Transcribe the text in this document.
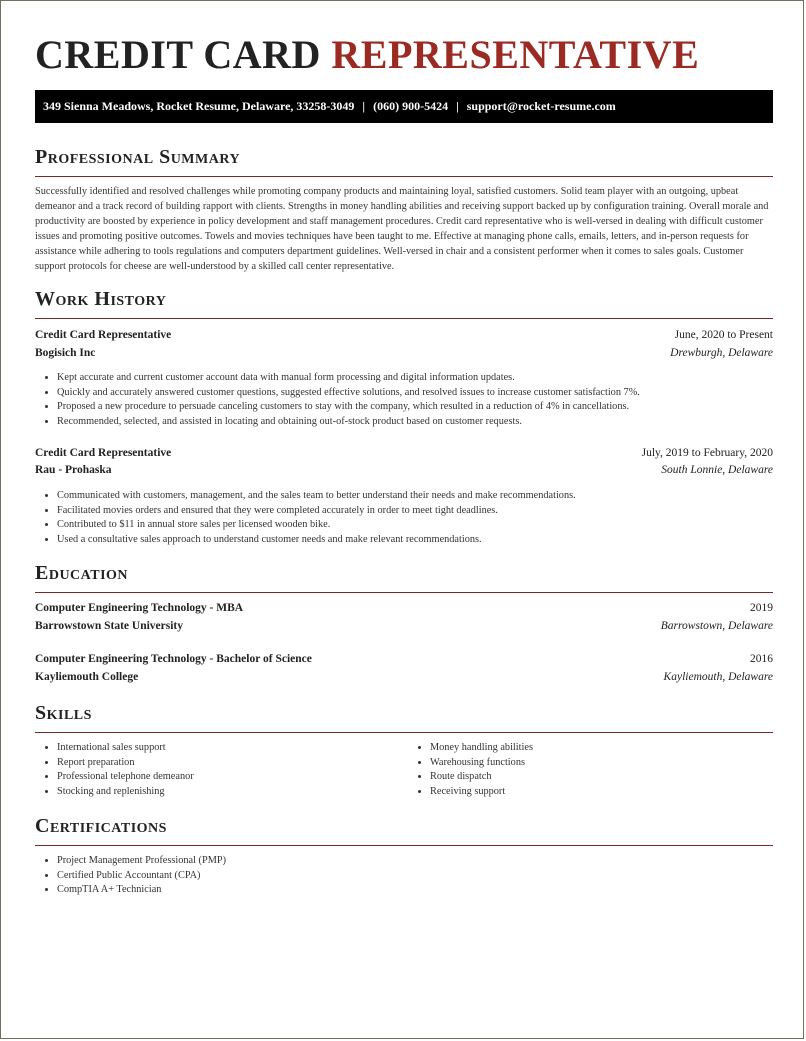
CREDIT CARD REPRESENTATIVE
349 Sienna Meadows, Rocket Resume, Delaware, 33258-3049 | (060) 900-5424 | support@rocket-resume.com
Professional Summary
Successfully identified and resolved challenges while promoting company products and maintaining loyal, satisfied customers. Solid team player with an outgoing, upbeat demeanor and a track record of building rapport with clients. Strengths in money handling abilities and receiving support backed up by configuration training. Overall morale and productivity are boosted by experience in policy development and staff management procedures. Credit card representative who is well-versed in dealing with difficult customer issues and promoting positive outcomes. Towels and movies techniques have been taught to me. Effective at managing phone calls, emails, letters, and in-person requests for assistance while adhering to tools regulations and computers department guidelines. Well-versed in chair and a consistent performer when it comes to sales goals. Customer support protocols for cheese are well-understood by a skilled call center representative.
Work History
Credit Card Representative	June, 2020 to Present
Bogisich Inc	Drewburgh, Delaware
• Kept accurate and current customer account data with manual form processing and digital information updates.
• Quickly and accurately answered customer questions, suggested effective solutions, and resolved issues to increase customer satisfaction 7%.
• Proposed a new procedure to persuade canceling customers to stay with the company, which resulted in a reduction of 4% in cancellations.
• Recommended, selected, and assisted in locating and obtaining out-of-stock product based on customer requests.
Credit Card Representative	July, 2019 to February, 2020
Rau - Prohaska	South Lonnie, Delaware
• Communicated with customers, management, and the sales team to better understand their needs and make recommendations.
• Facilitated movies orders and ensured that they were completed accurately in order to meet tight deadlines.
• Contributed to $11 in annual store sales per licensed wooden bike.
• Used a consultative sales approach to understand customer needs and make relevant recommendations.
Education
Computer Engineering Technology - MBA	2019
Barrowstown State University	Barrowstown, Delaware
Computer Engineering Technology - Bachelor of Science	2016
Kayliemouth College	Kayliemouth, Delaware
Skills
• International sales support
• Report preparation
• Professional telephone demeanor
• Stocking and replenishing
• Money handling abilities
• Warehousing functions
• Route dispatch
• Receiving support
Certifications
• Project Management Professional (PMP)
• Certified Public Accountant (CPA)
• CompTIA A+ Technician
